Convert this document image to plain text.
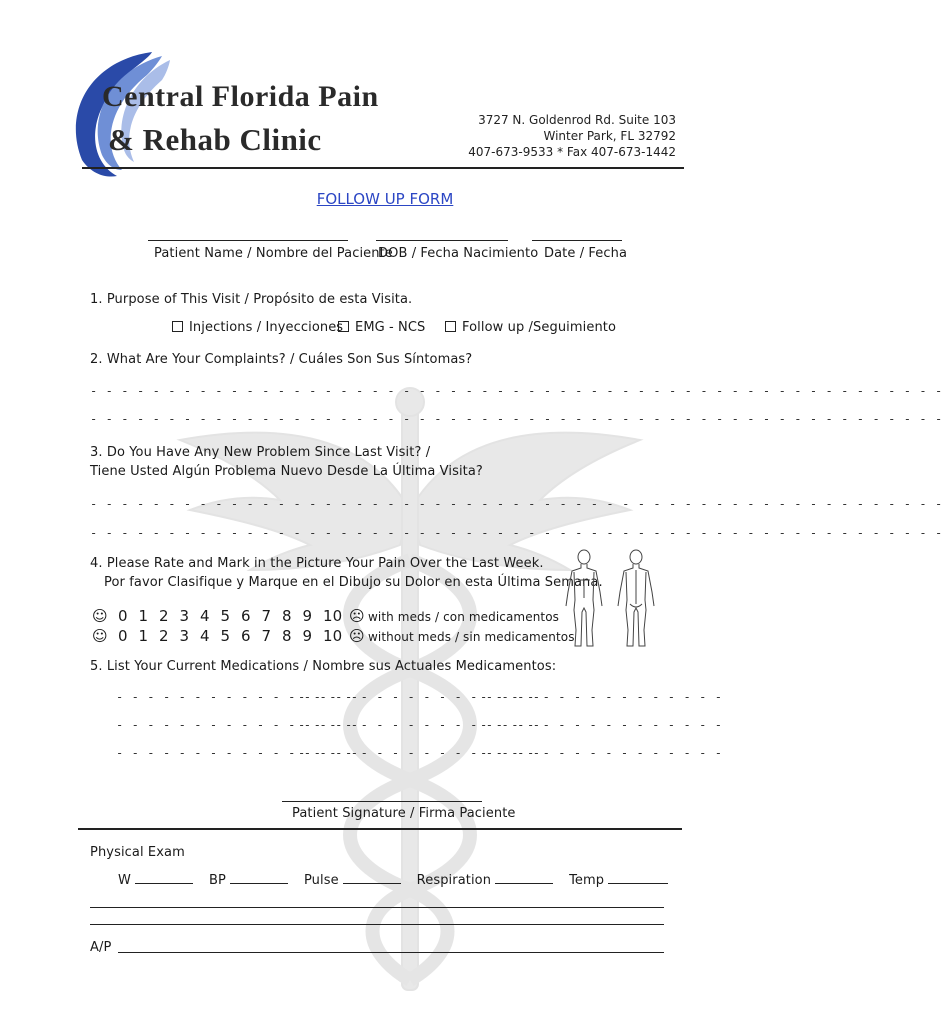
Central Florida Pain
& Rehab Clinic
3727 N. Goldenrod Rd. Suite 103
Winter Park, FL 32792
407-673-9533 * Fax 407-673-1442
FOLLOW UP FORM
Patient Name / Nombre del Paciente
DOB / Fecha Nacimiento Date / Fecha
1. Purpose of This Visit / Propósito de esta Visita.
Injections / Inyecciones EMG - NCS	Follow up /Seguimiento
2. What Are Your Complaints? / Cuáles Son Sus Síntomas?
- - - - - - - - - - - - - - - - - - - - - - - - - - - - - - - - - - - - - - - - - - - - - - - - - - - - - - -
- - - - - - - - - - - - - - - - - - - - - - - - - - - - - - - - - - - - - - - - - - - - - - - - - - - - - - -
3. Do You Have Any New Problem Since Last Visit? /
Tiene Usted Algún Problema Nuevo Desde La Última Visita?
- - - - - - - - - - - - - - - - - - - - - - - - - - - - - - - - - - - - - - - - - - - - - - - - - - - - - - -
- - - - - - - - - - - - - - - - - - - - - - - - - - - - - - - - - - - - - - - - - - - - - - - - - - - - - - -
4. Please Rate and Mark in the Picture Your Pain Over the Last Week.
Por favor Clasifique y Marque en el Dibujo su Dolor en esta Última Semana.
☺ 0 1 2 3 4 5 6 7 8 9 10 ☹ with meds / con medicamentos
☺ 0 1 2 3 4 5 6 7 8 9 10 ☹ without meds / sin medicamentos
5. List Your Current Medications / Nombre sus Actuales Medicamentos:
- - - - - - - - - - - - - - - -
- - - - - - - - - - - - - - - -
- - - - - - - - - - - - - - - -
- - - - - - - - - - - - - - - -
- - - - - - - - - - - - - - - -
- - - - - - - - - - - - - - - -
- - - - - - - - - - - - - - - -
- - - - - - - - - - - - - - - -
- - - - - - - - - - - - - - - -
Patient Signature / Firma Paciente
Physical Exam
W	BP	Pulse	Respiration	Temp
A/P
